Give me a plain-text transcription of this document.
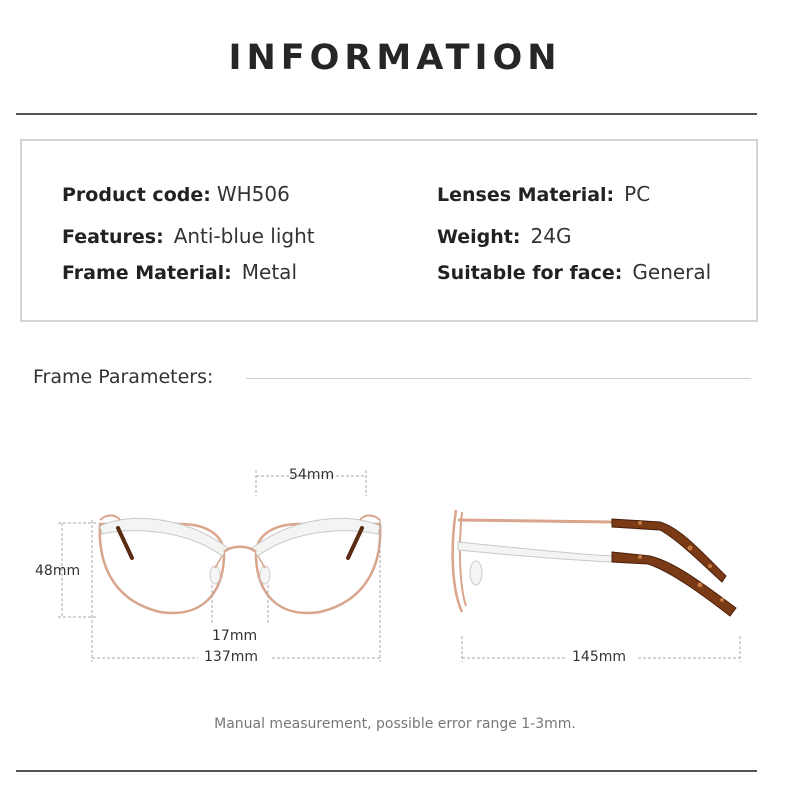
INFORMATION
Product code: WH506
Features: Anti-blue light
Frame Material: Metal
Lenses Material: PC
Weight: 24G
Suitable for face: General
Frame Parameters:
54mm
48mm
17mm
137mm	145mm
Manual measurement, possible error range 1-3mm.
